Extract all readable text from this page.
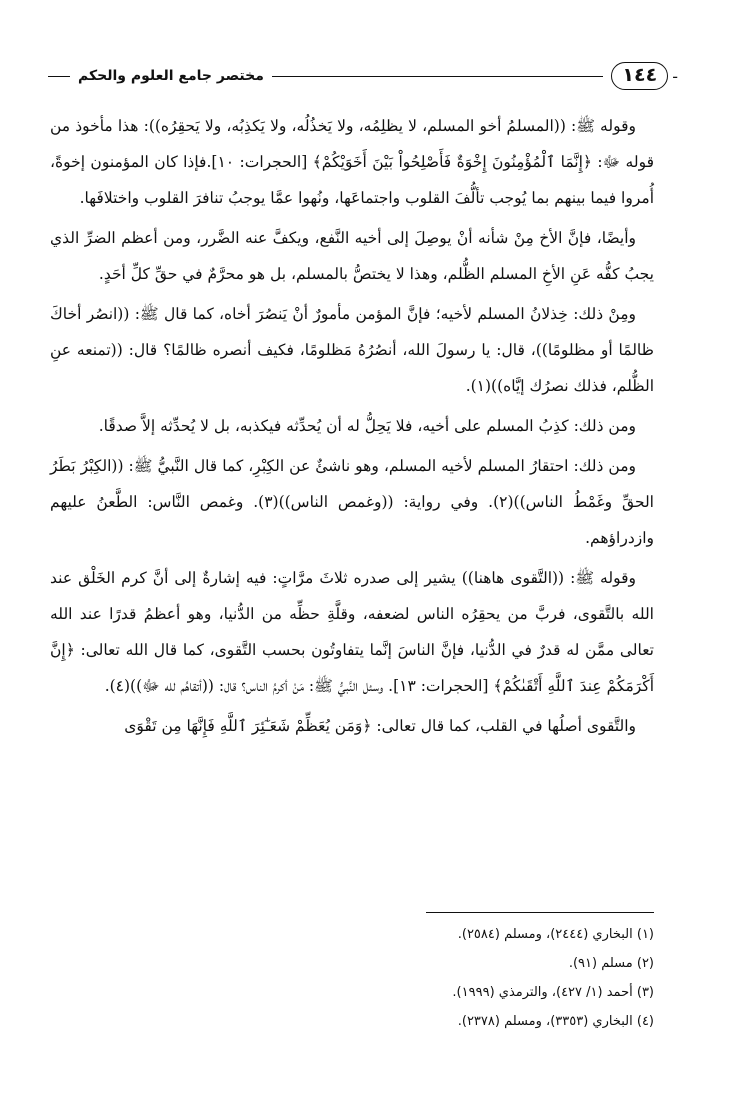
-
١٤٤
مختصر جامع العلوم والحكم

وقوله ﷺ: ((المسلمُ أخو المسلم، لا يظلِمُه، ولا يَخذُلُه، ولا يَكذِبُه، ولا يَحقِرُه)): هذا مأخوذ من قوله ﷻ: ﴿إِنَّمَا ٱلْمُؤْمِنُونَ إِخْوَةٌ فَأَصْلِحُواْ بَيْنَ أَخَوَيْكُمْ﴾ [الحجرات: ١٠].فإذا كان المؤمنون إخوةً، أُمروا فيما بينهم بما يُوجب تألُّفَ القلوب واجتماعَها، ونُهوا عمَّا يوجبُ تنافرَ القلوب واختلافَها.

وأيضًا، فإنَّ الأخ مِنْ شأنه أنْ يوصِلَ إلى أخيه النَّفع، ويكفَّ عنه الضَّرر، ومن أعظم الضرِّ الذي يجبُ كفُّه عَنِ الأخِ المسلم الظُّلم، وهذا لا يختصُّ بالمسلم، بل هو محرَّمٌ في حقِّ كلِّ أحَدٍ.

ومِنْ ذلك: خِذلانُ المسلم لأخيه؛ فإنَّ المؤمن مأمورٌ أنْ يَنصُرَ أخاه، كما قال ﷺ: ((انصُر أخاكَ ظالمًا أو مظلومًا))، قال: يا رسولَ الله، أنصُرُهُ مَظلومًا، فكيف أنصره ظالمًا؟ قال: ((تمنعه عنِ الظُّلم، فذلك نصرُك إيَّاه))(١).

ومن ذلك: كذِبُ المسلم على أخيه، فلا يَحِلُّ له أن يُحدِّثه فيكذبه، بل لا يُحدِّثه إلاَّ صدقًا.

ومن ذلك: احتقارُ المسلم لأخيه المسلم، وهو ناشئٌ عن الكِبْرِ، كما قال النَّبيُّ ﷺ: ((الكِبْرُ بَطَرُ الحقِّ وغَمْطُ الناس))(٢). وفي رواية: ((وغمص الناس))(٣). وغمص النَّاس: الطَّعنُ عليهم وازدراؤهم.

وقوله ﷺ: ((التَّقوى هاهنا)) يشير إلى صدره ثلاثَ مرَّاتٍ: فيه إشارةٌ إلى أنَّ كرم الخَلْق عند الله بالتَّقوى، فربَّ من يحقِرُه الناس لضعفه، وقلَّةِ حظِّه من الدُّنيا، وهو أعظمُ قدرًا عند الله تعالى ممَّن له قدرٌ في الدُّنيا، فإنَّ الناسَ إنَّما يتفاوتُون بحسب التَّقوى، كما قال الله تعالى: ﴿إِنَّ أَكْرَمَكُمْ عِندَ ٱللَّهِ أَتْقَىٰكُمْ﴾ [الحجرات: ١٣]. وسئل النَّبيُّ ﷺ: مَنْ أكرمُ الناس؟ قال: ((أتقاهُم لله ﷻ))(٤).

والتَّقوى أصلُها في القلب، كما قال تعالى: ﴿وَمَن يُعَظِّمْ شَعَـٰٓئِرَ ٱللَّهِ فَإِنَّهَا مِن تَقْوَى

(١) البخاري (٢٤٤٤)، ومسلم (٢٥٨٤).

(٢) مسلم (٩١).

(٣) أحمد (١/ ٤٢٧)، والترمذي (١٩٩٩).

(٤) البخاري (٣٣٥٣)، ومسلم (٢٣٧٨).
